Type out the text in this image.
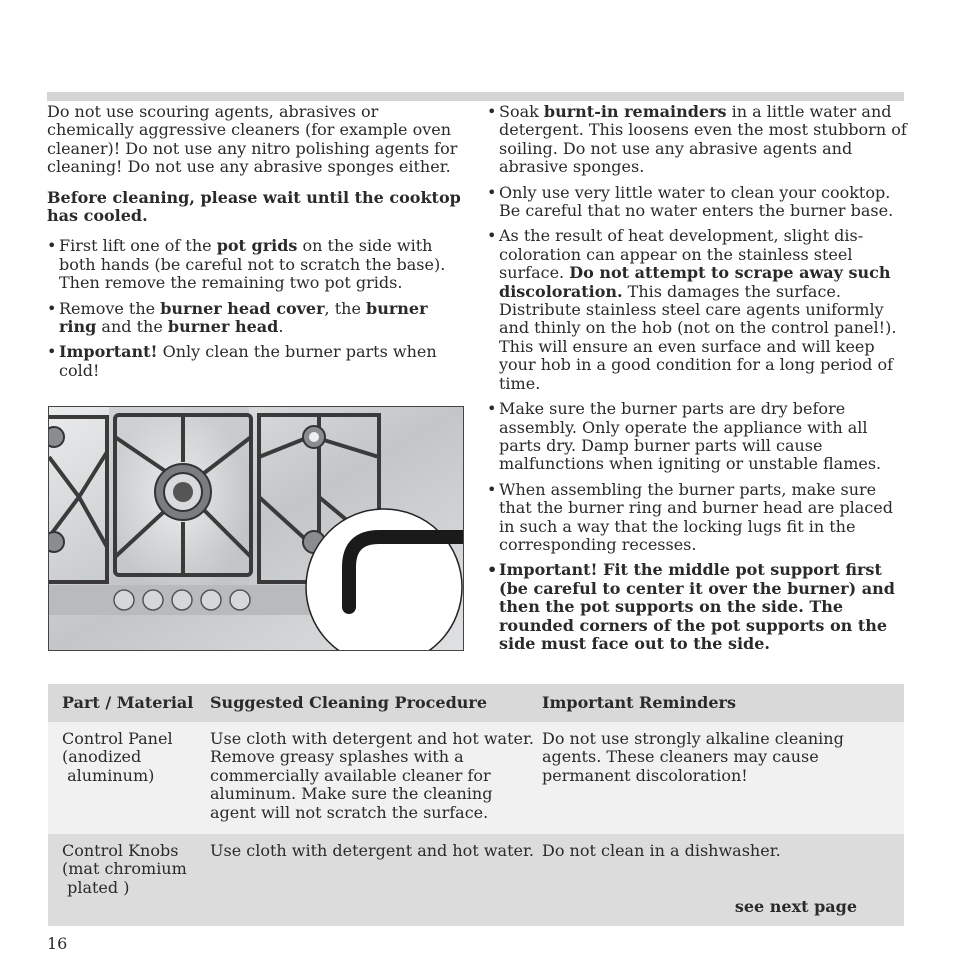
Do not use scouring agents, abrasives or chemically aggressive cleaners (for example oven cleaner)! Do not use any nitro polishing agents for cleaning! Do not use any abrasive sponges either.

Before cleaning, please wait until the cooktop has cooled.

• First lift one of the pot grids on the side with both hands (be careful not to scratch the base). Then remove the remaining two pot grids.
• Remove the burner head cover, the burner ring and the burner head.
• Important! Only clean the burner parts when cold!
• Soak burnt-in remainders in a little water and detergent. This loosens even the most stubborn of soiling. Do not use any abrasive agents and abrasive sponges.
• Only use very little water to clean your cooktop. Be careful that no water enters the burner base.
• As the result of heat development, slight dis-coloration can appear on the stainless steel surface. Do not attempt to scrape away such discoloration. This damages the surface. Distribute stainless steel care agents uniformly and thinly on the hob (not on the control panel!). This will ensure an even surface and will keep your hob in a good condition for a long period of time.
• Make sure the burner parts are dry before assembly. Only operate the appliance with all parts dry. Damp burner parts will cause malfunctions when igniting or unstable flames.
• When assembling the burner parts, make sure that the burner ring and burner head are placed in such a way that the locking lugs fit in the corresponding recesses.
• Important! Fit the middle pot support first (be careful to center it over the burner) and then the pot supports on the side. The rounded corners of the pot supports on the side must face out to the side.
Part / Material	Suggested Cleaning Procedure	Important Reminders
Control Panel
(anodized
aluminum)
Use cloth with detergent and hot water. Remove greasy splashes with a commercially available cleaner for aluminum. Make sure the cleaning agent will not scratch the surface.
Do not use strongly alkaline cleaning agents. These cleaners may cause permanent discoloration!
Control Knobs
(mat chromium
plated )
Use cloth with detergent and hot water. Do not clean in a dishwasher.
see next page
16
